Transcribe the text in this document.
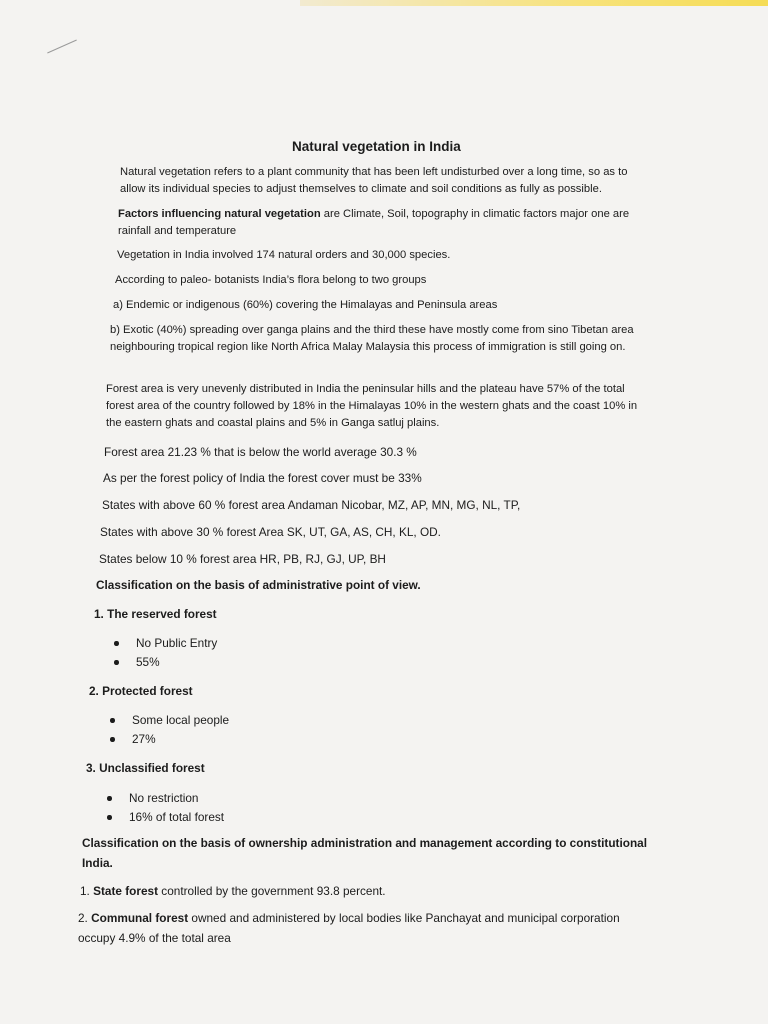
Natural vegetation in India

Natural vegetation refers to a plant community that has been left undisturbed over a long time, so as to allow its individual species to adjust themselves to climate and soil conditions as fully as possible.

Factors influencing natural vegetation are Climate, Soil, topography in climatic factors major one are rainfall and temperature

Vegetation in India involved 174 natural orders and 30,000 species.

According to paleo- botanists India’s flora belong to two groups

a) Endemic or indigenous (60%) covering the Himalayas and Peninsula areas

b) Exotic (40%) spreading over ganga plains and the third these have mostly come from sino Tibetan area neighbouring tropical region like North Africa Malay Malaysia this process of immigration is still going on.

Forest area is very unevenly distributed in India the peninsular hills and the plateau have 57% of the total forest area of the country followed by 18% in the Himalayas 10% in the western ghats and the coast 10% in the eastern ghats and coastal plains and 5% in Ganga satluj plains.

Forest area 21.23 % that is below the world average 30.3 %

As per the forest policy of India the forest cover must be 33%

States with above 60 % forest area Andaman Nicobar, MZ, AP, MN, MG, NL, TP,

States with above 30 % forest Area SK, UT, GA, AS, CH, KL, OD.

States below 10 % forest area HR, PB, RJ, GJ, UP, BH

Classification on the basis of administrative point of view.
1. The reserved forest
No Public Entry
55%
2. Protected forest
Some local people
27%
3. Unclassified forest
No restriction
16% of total forest
Classification on the basis of ownership administration and management according to constitutional India.

1. State forest controlled by the government 93.8 percent.

2. Communal forest owned and administered by local bodies like Panchayat and municipal corporation occupy 4.9% of the total area
